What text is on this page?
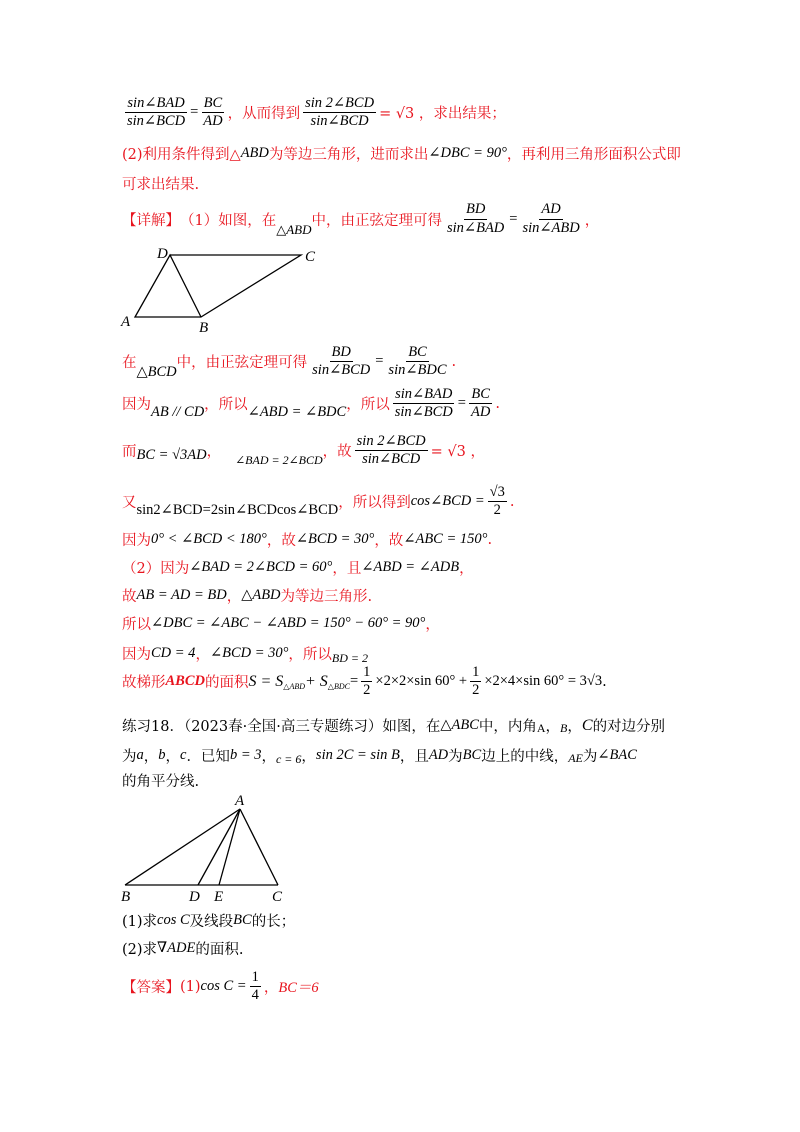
$\frac{\text{sin∠BAD}}{\text{sin∠BCD}} = \frac{BC}{AD}$ ，从而得到 $\frac{\text{sin 2∠BCD}}{\text{sin∠BCD}} = √3$ ，求出结果；
(2)利用条件得到△ ABD 为等边三角形，进而求出 ∠DBC = 90° ，再利用三角形面积公式即
可求出结果.
【详解】 （1）如图，在
△ABD
中，由正弦定理可得 $\frac{BD}{\text{sin∠BAD}} = \frac{AD}{\text{sin∠ABD}}$ ，
D	C
A	B
在
△BCD
中，由正弦定理可得 $\frac{BD}{\text{sin∠BCD}} = \frac{BC}{\text{sin∠BDC}}$ .
因为 AB // CD ，所以 ∠ABD = ∠BDC ，所以 $\frac{\text{sin∠BAD}}{\text{sin∠BCD}} = \frac{BC}{AD}$ .
而 BC = √3AD ， ∠BAD = 2∠BCD ，故 $\frac{\text{sin 2∠BCD}}{\text{sin∠BCD}} = √3$ ，
又 sin2∠BCD=2sin∠BCDcos∠BCD ，所以得到 cos∠BCD = $\frac{√3}{2}$ .
因为 0° < ∠BCD < 180° ，故 ∠BCD = 30° ，故 ∠ABC = 150° .
（2）因为 ∠BAD = 2∠BCD = 60° ，且 ∠ABD = ∠ADB ，
故 AB = AD = BD ， △ABD 为等边三角形.
所以 ∠DBC = ∠ABC − ∠ABD = 150° − 60° = 90° ，
因为 CD = 4 ， ∠BCD = 30° ，所以 BD = 2
故梯形 ABCD 的面积 S = S △ABD + S △BDC = $\frac{1}{2} \times 2\times 2\times\sin$ $60^\circ + \frac{1}{2} \times 2\times 4\times\sin$ 60° = 3√3 .
练习18．（2023春·全国·高三专题练习）如图，在 △ABC 中，内角 A ， B ， C 的对边分别
为 a ， b ， c ．已知 b = 3 ， c = 6 ， sin 2C = sin B ，且 AD 为 BC 边上的中线， AE 为 ∠BAC
的角平分线.
A
B	D E	C
(1)求 cos C 及线段 BC 的长；
(2)求 ∇ADE 的面积.
【答案】 (1) $\cos C = \frac{1}{4}$ ， BC＝6
